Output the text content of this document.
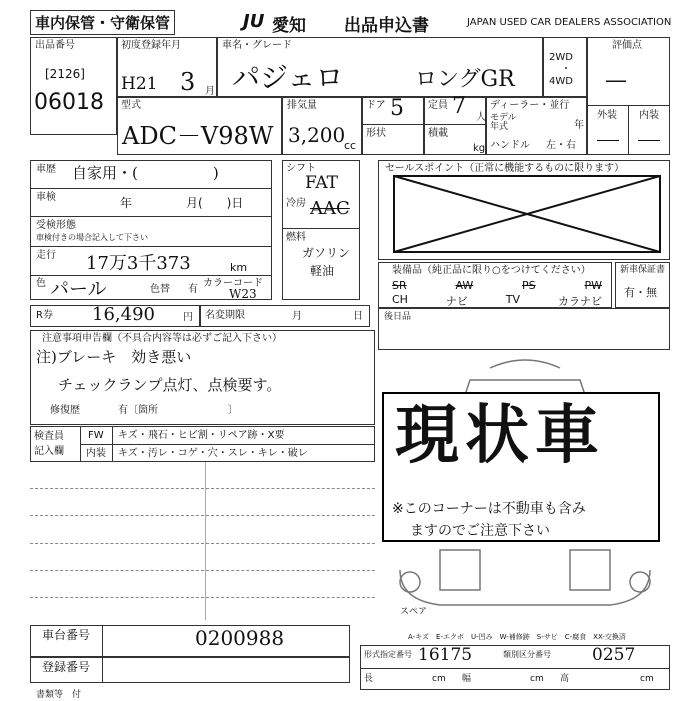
車内保管・守衛保管	JU 愛知 出品申込書	JAPAN USED CAR DEALERS ASSOCIATION
出品番号
[2126]
06018
初度登録年月
H21 3 月
車名・グレード
パジェロ	ロングGR
2WD
・
4WD
評価点
—
外装 内装
型式
ADC－V98W
排気量
3,200
cc
ドア 5
形状
定員 7 人
積載
kg
ディーラー・並行
モデル
年式	年
ハンドル 左・右
車歴 自家用・(　　　　　)
車検	年	月(　　)日
受検形態
車検付きの場合記入して下さい
走行 17万3千373	km
色 パール	色替 有
カラーコード
W23
シフト
FAT
冷房 AAC
燃料
ガソリン
軽油
セールスポイント（正常に機能するものに限ります）
装備品（純正品に限り○をつけてください）
SR	AW	PS	PW
CH	ナビ	TV	カラナビ
新車保証書
有・無
R券 16,490	円 名変期限	月	日 後日品
注意事項申告欄（不具合内容等は必ずご記入下さい）
注)ブレーキ　効き悪い
チェックランプ点灯、点検要す。
修復歴	有〔箇所　　　　　　　〕
検査員
記入欄
FW キズ・飛石・ヒビ割・リペア跡・X要
内装 キズ・汚レ・コゲ・穴・スレ・キレ・破レ
スペア
現状車
※このコーナーは不動車も含み
ますのでご注意下さい
A-キズ　E-エクボ　U-凹み　W-補修跡　S-サビ　C-腐食　XX-交換済
車台番号	0200988
登録番号
書類等　付
形式指定番号 16175	類別区分番号 0257
長	cm 幅	cm 高	cm
